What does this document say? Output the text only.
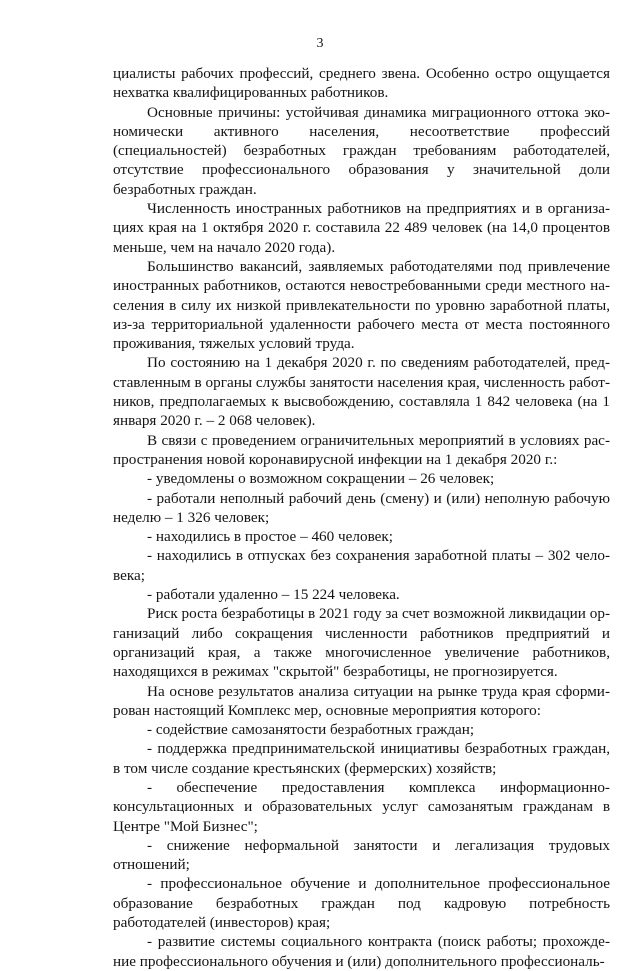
3

циалисты рабочих профессий, среднего звена. Особенно остро ощущается нехватка квалифицированных работников.

Основные причины: устойчивая динамика миграционного оттока экономически активного населения, несоответствие профессий (специальностей) безработных граждан требованиям работодателей, отсутствие профессионального образования у значительной доли безработных граждан.

Численность иностранных работников на предприятиях и в организациях края на 1 октября 2020 г. составила 22 489 человек (на 14,0 процентов меньше, чем на начало 2020 года).

Большинство вакансий, заявляемых работодателями под привлечение иностранных работников, остаются невостребованными среди местного населения в силу их низкой привлекательности по уровню заработной платы, из-за территориальной удаленности рабочего места от места постоянного проживания, тяжелых условий труда.

По состоянию на 1 декабря 2020 г. по сведениям работодателей, представленным в органы службы занятости населения края, численность работников, предполагаемых к высвобождению, составляла 1 842 человека (на 1 января 2020 г. – 2 068 человек).

В связи с проведением ограничительных мероприятий в условиях распространения новой коронавирусной инфекции на 1 декабря 2020 г.:

- уведомлены о возможном сокращении – 26 человек;

- работали неполный рабочий день (смену) и (или) неполную рабочую неделю – 1 326 человек;

- находились в простое – 460 человек;

- находились в отпусках без сохранения заработной платы – 302 человека;

- работали удаленно – 15 224 человека.

Риск роста безработицы в 2021 году за счет возможной ликвидации организаций либо сокращения численности работников предприятий и организаций края, а также многочисленное увеличение работников, находящихся в режимах "скрытой" безработицы, не прогнозируется.

На основе результатов анализа ситуации на рынке труда края сформирован настоящий Комплекс мер, основные мероприятия которого:

- содействие самозанятости безработных граждан;

- поддержка предпринимательской инициативы безработных граждан, в том числе создание крестьянских (фермерских) хозяйств;

- обеспечение предоставления комплекса информационно-консультационных и образовательных услуг самозанятым гражданам в Центре "Мой Бизнес";

- снижение неформальной занятости и легализация трудовых отношений;

- профессиональное обучение и дополнительное профессиональное образование безработных граждан под кадровую потребность работодателей (инвесторов) края;

- развитие системы социального контракта (поиск работы; прохождение профессионального обучения и (или) дополнительного профессиональ-
